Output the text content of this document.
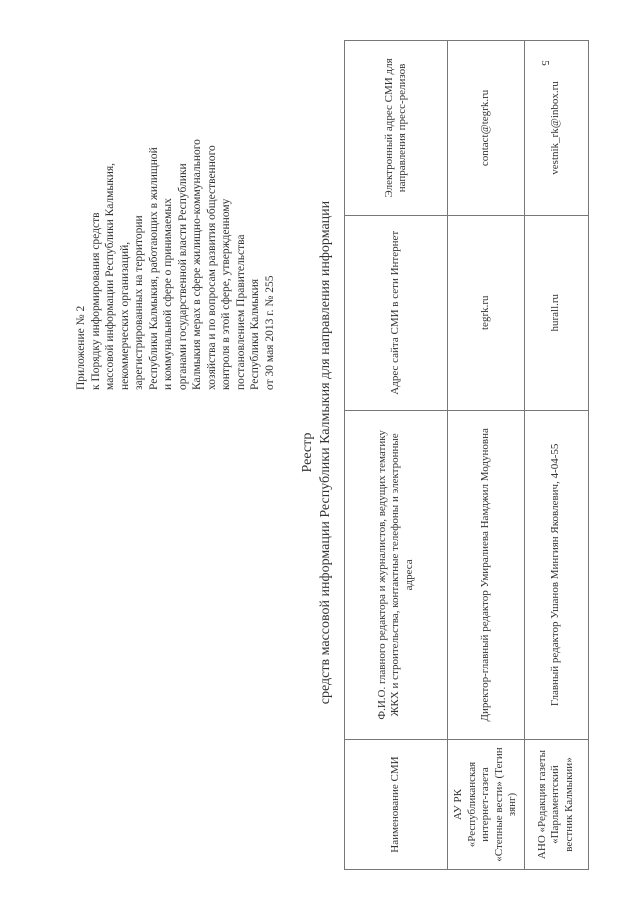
5
Приложение № 2 к Порядку информирования средств массовой информации Республики Калмыкия, некоммерческих организаций, зарегистрированных на территории Республики Калмыкия, работающих в жилищной и коммунальной сфере о принимаемых органами государственной власти Республики Калмыкия мерах в сфере жилищно-коммунального хозяйства и по вопросам развития общественного контроля в этой сфере, утвержденному постановлением Правительства Республики Калмыкия от 30 мая 2013 г. № 255
Реестр средств массовой информации Республики Калмыкия для направления информации
Наименование СМИ	Ф.И.О. главного редактора и журналистов, ведущих тематику ЖКХ и строительства, контактные телефоны и электронные адреса	Адрес сайта СМИ в сети Интернет	Электронный адрес СМИ для направления пресс-релизов
АУ РК «Республиканская интернет-газета «Степные вести» (Тегин зянг)	Директор-главный редактор Умиралиева Намджил Модуновна	tegrk.ru	contact@tegrk.ru
АНО «Редакция газеты «Парламентский вестник Калмыкии»	Главный редактор Ушанов Мингиян Яковлевич, 4-04-55	hurall.ru	vestnik_rk@inbox.ru
